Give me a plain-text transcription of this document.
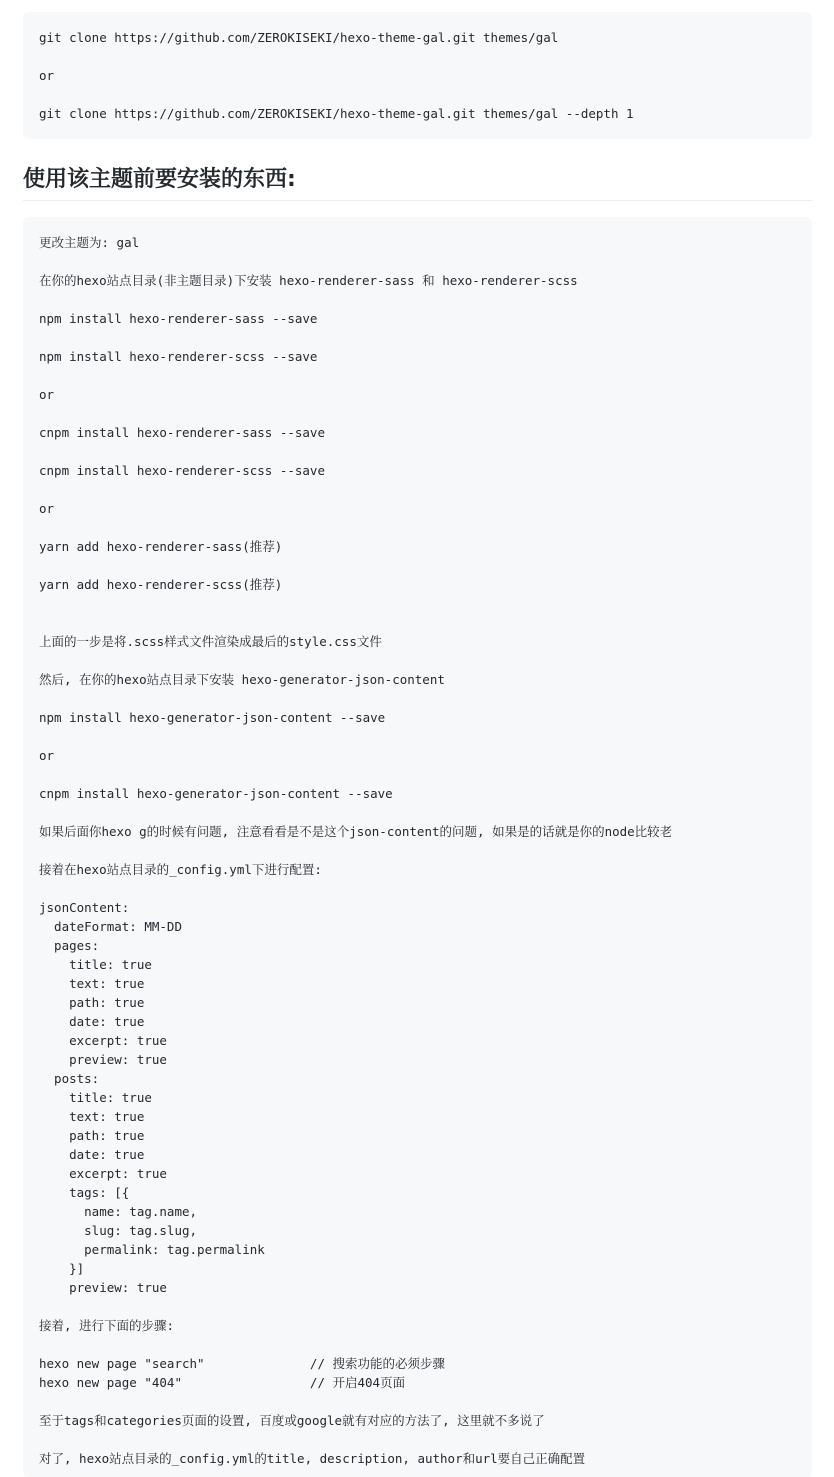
git clone https://github.com/ZEROKISEKI/hexo-theme-gal.git themes/gal
or
git clone https://github.com/ZEROKISEKI/hexo-theme-gal.git themes/gal --depth 1
使用该主题前要安装的东西:
更改主题为: gal
在你的hexo站点目录(非主题目录)下安装 hexo-renderer-sass 和 hexo-renderer-scss
npm install hexo-renderer-sass --save
npm install hexo-renderer-scss --save
or
cnpm install hexo-renderer-sass --save
cnpm install hexo-renderer-scss --save
or
yarn add hexo-renderer-sass(推荐)
yarn add hexo-renderer-scss(推荐)
上面的一步是将.scss样式文件渲染成最后的style.css文件
然后, 在你的hexo站点目录下安装 hexo-generator-json-content
npm install hexo-generator-json-content --save
or
cnpm install hexo-generator-json-content --save
如果后面你hexo g的时候有问题, 注意看看是不是这个json-content的问题, 如果是的话就是你的node比较老
接着在hexo站点目录的_config.yml下进行配置:
jsonContent:
dateFormat: MM-DD
pages:
title: true
text: true
path: true
date: true
excerpt: true
preview: true
posts:
title: true
text: true
path: true
date: true
excerpt: true
tags: [{
name: tag.name,
slug: tag.slug,
permalink: tag.permalink
}]
preview: true
接着, 进行下面的步骤:
hexo new page "search"              // 搜索功能的必须步骤
hexo new page "404"                 // 开启404页面
至于tags和categories页面的设置, 百度或google就有对应的方法了, 这里就不多说了
对了, hexo站点目录的_config.yml的title, description, author和url要自己正确配置
